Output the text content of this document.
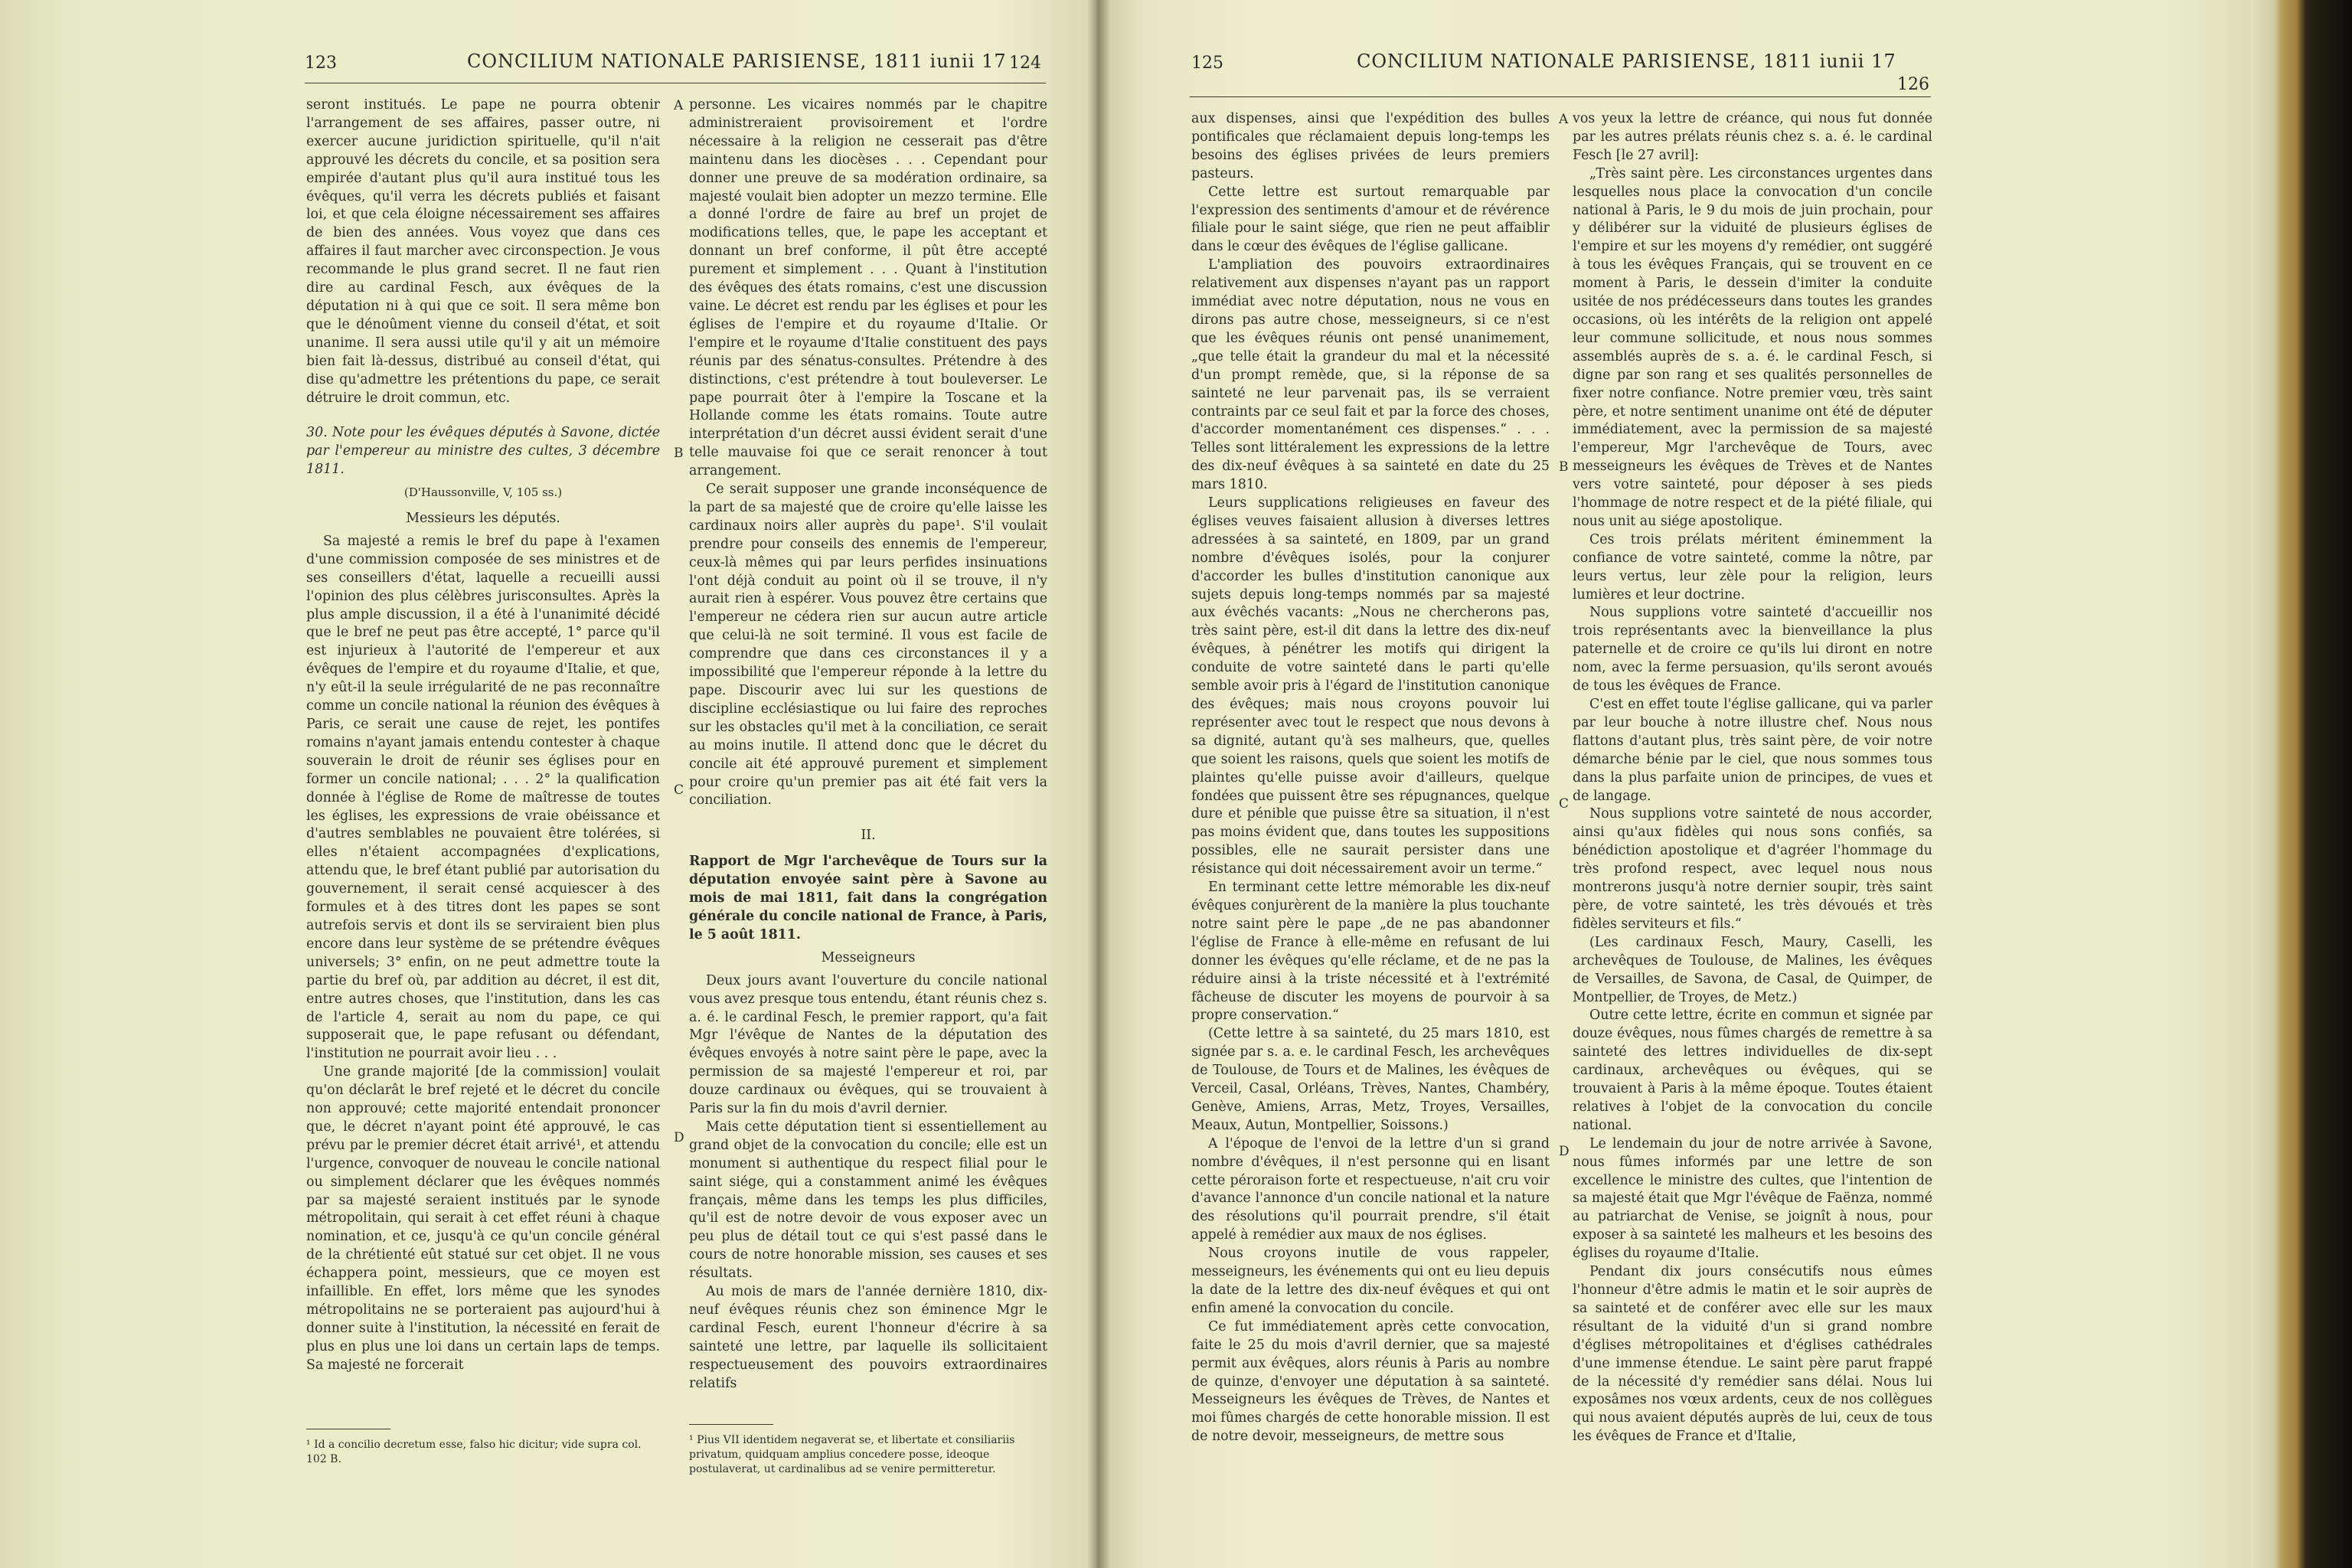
123	CONCILIUM NATIONALE PARISIENSE, 1811 iunii 17 124

seront institués. Le pape ne pourra obtenir l'arrangement de ses affaires, passer outre, ni exercer aucune juridiction spirituelle, qu'il n'ait approuvé les décrets du concile, et sa position sera empirée d'autant plus qu'il aura institué tous les évêques, qu'il verra les décrets publiés et faisant loi, et que cela éloigne nécessairement ses affaires de bien des années. Vous voyez que dans ces affaires il faut marcher avec circonspection. Je vous recommande le plus grand secret. Il ne faut rien dire au cardinal Fesch, aux évêques de la députation ni à qui que ce soit. Il sera même bon que le dénoûment vienne du conseil d'état, et soit unanime. Il sera aussi utile qu'il y ait un mémoire bien fait là-dessus, distribué au conseil d'état, qui dise qu'admettre les prétentions du pape, ce serait détruire le droit commun, etc.

30. Note pour les évêques députés à Savone, dictée par l'empereur au ministre des cultes, 3 décembre 1811.

(D'Haussonville, V, 105 ss.)

Messieurs les députés.

Sa majesté a remis le bref du pape à l'examen d'une commission composée de ses ministres et de ses conseillers d'état, laquelle a recueilli aussi l'opinion des plus célèbres jurisconsultes. Après la plus ample discussion, il a été à l'unanimité décidé que le bref ne peut pas être accepté, 1° parce qu'il est injurieux à l'autorité de l'empereur et aux évêques de l'empire et du royaume d'Italie, et que, n'y eût-il la seule irrégularité de ne pas reconnaître comme un concile national la réunion des évêques à Paris, ce serait une cause de rejet, les pontifes romains n'ayant jamais entendu contester à chaque souverain le droit de réunir ses églises pour en former un concile national; . . . 2° la qualification donnée à l'église de Rome de maîtresse de toutes les églises, les expressions de vraie obéissance et d'autres semblables ne pouvaient être tolérées, si elles n'étaient accompagnées d'explications, attendu que, le bref étant publié par autorisation du gouvernement, il serait censé acquiescer à des formules et à des titres dont les papes se sont autrefois servis et dont ils se serviraient bien plus encore dans leur système de se prétendre évêques universels; 3° enfin, on ne peut admettre toute la partie du bref où, par addition au décret, il est dit, entre autres choses, que l'institution, dans les cas de l'article 4, serait au nom du pape, ce qui supposerait que, le pape refusant ou défendant, l'institution ne pourrait avoir lieu . . .

Une grande majorité [de la commission] voulait qu'on déclarât le bref rejeté et le décret du concile non approuvé; cette majorité entendait prononcer que, le décret n'ayant point été approuvé, le cas prévu par le premier décret était arrivé¹, et attendu l'urgence, convoquer de nouveau le concile national ou simplement déclarer que les évêques nommés par sa majesté seraient institués par le synode métropolitain, qui serait à cet effet réuni à chaque nomination, et ce, jusqu'à ce qu'un concile général de la chrétienté eût statué sur cet objet. Il ne vous échappera point, messieurs, que ce moyen est infaillible. En effet, lors même que les synodes métropolitains ne se porteraient pas aujourd'hui à donner suite à l'institution, la nécessité en ferait de plus en plus une loi dans un certain laps de temps. Sa majesté ne forcerait

¹ Id a concilio decretum esse, falso hic dicitur; vide supra col. 102 B.

personne. Les vicaires nommés par le chapitre administreraient provisoirement et l'ordre nécessaire à la religion ne cesserait pas d'être maintenu dans les diocèses . . . Cependant pour donner une preuve de sa modération ordinaire, sa majesté voulait bien adopter un mezzo termine. Elle a donné l'ordre de faire au bref un projet de modifications telles, que, le pape les acceptant et donnant un bref conforme, il pût être accepté purement et simplement . . . Quant à l'institution des évêques des états romains, c'est une discussion vaine. Le décret est rendu par les églises et pour les églises de l'empire et du royaume d'Italie. Or l'empire et le royaume d'Italie constituent des pays réunis par des sénatus-consultes. Prétendre à des distinctions, c'est prétendre à tout bouleverser. Le pape pourrait ôter à l'empire la Toscane et la Hollande comme les états romains. Toute autre interprétation d'un décret aussi évident serait d'une telle mauvaise foi que ce serait renoncer à tout arrangement.

Ce serait supposer une grande inconséquence de la part de sa majesté que de croire qu'elle laisse les cardinaux noirs aller auprès du pape¹. S'il voulait prendre pour conseils des ennemis de l'empereur, ceux-là mêmes qui par leurs perfides insinuations l'ont déjà conduit au point où il se trouve, il n'y aurait rien à espérer. Vous pouvez être certains que l'empereur ne cédera rien sur aucun autre article que celui-là ne soit terminé. Il vous est facile de comprendre que dans ces circonstances il y a impossibilité que l'empereur réponde à la lettre du pape. Discourir avec lui sur les questions de discipline ecclésiastique ou lui faire des reproches sur les obstacles qu'il met à la conciliation, ce serait au moins inutile. Il attend donc que le décret du concile ait été approuvé purement et simplement pour croire qu'un premier pas ait été fait vers la conciliation.

II.

Rapport de Mgr l'archevêque de Tours sur la députation envoyée saint père à Savone au mois de mai 1811, fait dans la congrégation générale du concile national de France, à Paris, le 5 août 1811.

Messeigneurs

Deux jours avant l'ouverture du concile national vous avez presque tous entendu, étant réunis chez s. a. é. le cardinal Fesch, le premier rapport, qu'a fait Mgr l'évêque de Nantes de la députation des évêques envoyés à notre saint père le pape, avec la permission de sa majesté l'empereur et roi, par douze cardinaux ou évêques, qui se trouvaient à Paris sur la fin du mois d'avril dernier.

Mais cette députation tient si essentiellement au grand objet de la convocation du concile; elle est un monument si authentique du respect filial pour le saint siége, qui a constamment animé les évêques français, même dans les temps les plus difficiles, qu'il est de notre devoir de vous exposer avec un peu plus de détail tout ce qui s'est passé dans le cours de notre honorable mission, ses causes et ses résultats.

Au mois de mars de l'année dernière 1810, dix-neuf évêques réunis chez son éminence Mgr le cardinal Fesch, eurent l'honneur d'écrire à sa sainteté une lettre, par laquelle ils sollicitaient respectueusement des pouvoirs extraordinaires relatifs

¹ Pius VII identidem negaverat se, et libertate et consiliariis privatum, quidquam amplius concedere posse, ideoque postulaverat, ut cardinalibus ad se venire permitteretur.
A
B
C
D
125	CONCILIUM NATIONALE PARISIENSE, 1811 iunii 17
126

aux dispenses, ainsi que l'expédition des bulles pontificales que réclamaient depuis long-temps les besoins des églises privées de leurs premiers pasteurs.

Cette lettre est surtout remarquable par l'expression des sentiments d'amour et de révérence filiale pour le saint siége, que rien ne peut affaiblir dans le cœur des évêques de l'église gallicane.

L'ampliation des pouvoirs extraordinaires relativement aux dispenses n'ayant pas un rapport immédiat avec notre députation, nous ne vous en dirons pas autre chose, messeigneurs, si ce n'est que les évêques réunis ont pensé unanimement, „que telle était la grandeur du mal et la nécessité d'un prompt remède, que, si la réponse de sa sainteté ne leur parvenait pas, ils se verraient contraints par ce seul fait et par la force des choses, d'accorder momentanément ces dispenses.“ . . . Telles sont littéralement les expressions de la lettre des dix-neuf évêques à sa sainteté en date du 25 mars 1810.

Leurs supplications religieuses en faveur des églises veuves faisaient allusion à diverses lettres adressées à sa sainteté, en 1809, par un grand nombre d'évêques isolés, pour la conjurer d'accorder les bulles d'institution canonique aux sujets depuis long-temps nommés par sa majesté aux évêchés vacants: „Nous ne chercherons pas, très saint père, est-il dit dans la lettre des dix-neuf évêques, à pénétrer les motifs qui dirigent la conduite de votre sainteté dans le parti qu'elle semble avoir pris à l'égard de l'institution canonique des évêques; mais nous croyons pouvoir lui représenter avec tout le respect que nous devons à sa dignité, autant qu'à ses malheurs, que, quelles que soient les raisons, quels que soient les motifs de plaintes qu'elle puisse avoir d'ailleurs, quelque fondées que puissent être ses répugnances, quelque dure et pénible que puisse être sa situation, il n'est pas moins évident que, dans toutes les suppositions possibles, elle ne saurait persister dans une résistance qui doit nécessairement avoir un terme.“

En terminant cette lettre mémorable les dix-neuf évêques conjurèrent de la manière la plus touchante notre saint père le pape „de ne pas abandonner l'église de France à elle-même en refusant de lui donner les évêques qu'elle réclame, et de ne pas la réduire ainsi à la triste nécessité et à l'extrémité fâcheuse de discuter les moyens de pourvoir à sa propre conservation.“

(Cette lettre à sa sainteté, du 25 mars 1810, est signée par s. a. e. le cardinal Fesch, les archevêques de Toulouse, de Tours et de Malines, les évêques de Verceil, Casal, Orléans, Trèves, Nantes, Chambéry, Genève, Amiens, Arras, Metz, Troyes, Versailles, Meaux, Autun, Montpellier, Soissons.)

A l'époque de l'envoi de la lettre d'un si grand nombre d'évêques, il n'est personne qui en lisant cette péroraison forte et respectueuse, n'ait cru voir d'avance l'annonce d'un concile national et la nature des résolutions qu'il pourrait prendre, s'il était appelé à remédier aux maux de nos églises.

Nous croyons inutile de vous rappeler, messeigneurs, les événements qui ont eu lieu depuis la date de la lettre des dix-neuf évêques et qui ont enfin amené la convocation du concile.

Ce fut immédiatement après cette convocation, faite le 25 du mois d'avril dernier, que sa majesté permit aux évêques, alors réunis à Paris au nombre de quinze, d'envoyer une députation à sa sainteté. Messeigneurs les évêques de Trèves, de Nantes et moi fûmes chargés de cette honorable mission. Il est de notre devoir, messeigneurs, de mettre sous

vos yeux la lettre de créance, qui nous fut donnée par les autres prélats réunis chez s. a. é. le cardinal Fesch [le 27 avril]:

„Très saint père. Les circonstances urgentes dans lesquelles nous place la convocation d'un concile national à Paris, le 9 du mois de juin prochain, pour y délibérer sur la viduité de plusieurs églises de l'empire et sur les moyens d'y remédier, ont suggéré à tous les évêques Français, qui se trouvent en ce moment à Paris, le dessein d'imiter la conduite usitée de nos prédécesseurs dans toutes les grandes occasions, où les intérêts de la religion ont appelé leur commune sollicitude, et nous nous sommes assemblés auprès de s. a. é. le cardinal Fesch, si digne par son rang et ses qualités personnelles de fixer notre confiance. Notre premier vœu, très saint père, et notre sentiment unanime ont été de députer immédiatement, avec la permission de sa majesté l'empereur, Mgr l'archevêque de Tours, avec messeigneurs les évêques de Trèves et de Nantes vers votre sainteté, pour déposer à ses pieds l'hommage de notre respect et de la piété filiale, qui nous unit au siége apostolique.

Ces trois prélats méritent éminemment la confiance de votre sainteté, comme la nôtre, par leurs vertus, leur zèle pour la religion, leurs lumières et leur doctrine.

Nous supplions votre sainteté d'accueillir nos trois représentants avec la bienveillance la plus paternelle et de croire ce qu'ils lui diront en notre nom, avec la ferme persuasion, qu'ils seront avoués de tous les évêques de France.

C'est en effet toute l'église gallicane, qui va parler par leur bouche à notre illustre chef. Nous nous flattons d'autant plus, très saint père, de voir notre démarche bénie par le ciel, que nous sommes tous dans la plus parfaite union de principes, de vues et de langage.

Nous supplions votre sainteté de nous accorder, ainsi qu'aux fidèles qui nous sons confiés, sa bénédiction apostolique et d'agréer l'hommage du très profond respect, avec lequel nous nous montrerons jusqu'à notre dernier soupir, très saint père, de votre sainteté, les très dévoués et très fidèles serviteurs et fils.“

(Les cardinaux Fesch, Maury, Caselli, les archevêques de Toulouse, de Malines, les évêques de Versailles, de Savona, de Casal, de Quimper, de Montpellier, de Troyes, de Metz.)

Outre cette lettre, écrite en commun et signée par douze évêques, nous fûmes chargés de remettre à sa sainteté des lettres individuelles de dix-sept cardinaux, archevêques ou évêques, qui se trouvaient à Paris à la même époque. Toutes étaient relatives à l'objet de la convocation du concile national.

Le lendemain du jour de notre arrivée à Savone, nous fûmes informés par une lettre de son excellence le ministre des cultes, que l'intention de sa majesté était que Mgr l'évêque de Faënza, nommé au patriarchat de Venise, se joignît à nous, pour exposer à sa sainteté les malheurs et les besoins des églises du royaume d'Italie.

Pendant dix jours consécutifs nous eûmes l'honneur d'être admis le matin et le soir auprès de sa sainteté et de conférer avec elle sur les maux résultant de la viduité d'un si grand nombre d'églises métropolitaines et d'églises cathédrales d'une immense étendue. Le saint père parut frappé de la nécessité d'y remédier sans délai. Nous lui exposâmes nos vœux ardents, ceux de nos collègues qui nous avaient députés auprès de lui, ceux de tous les évêques de France et d'Italie,

A
B
C
D
